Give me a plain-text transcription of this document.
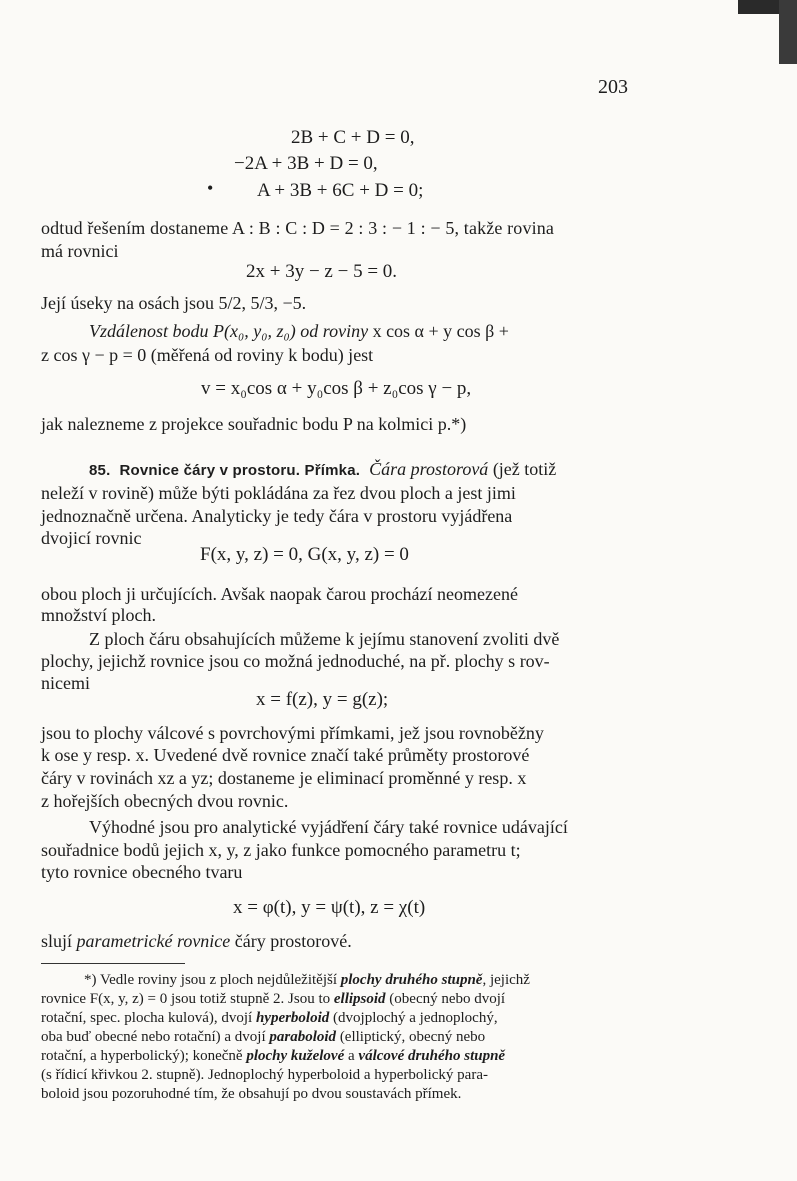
203
2B + C + D = 0,
−2A + 3B + D = 0,
• A + 3B + 6C + D = 0;
odtud řešením dostaneme A : B : C : D = 2 : 3 : − 1 : − 5, takže rovina
má rovnici
2x + 3y − z − 5 = 0.
Její úseky na osách jsou 5/2, 5/3, −5.
Vzdálenost bodu P(x₀, y₀, z₀) od roviny x cos α + y cos β +
z cos γ − p = 0 (měřená od roviny k bodu) jest
v = x₀cos α + y₀cos β + z₀cos γ − p,
jak nalezneme z projekce souřadnic bodu P na kolmici p.*)
85. Rovnice čáry v prostoru. Přímka. Čára prostorová (jež totiž
neleží v rovině) může býti pokládána za řez dvou ploch a jest jimi
jednoznačně určena. Analyticky je tedy čára v prostoru vyjádřena
dvojicí rovnic
F(x, y, z) = 0, G(x, y, z) = 0
obou ploch ji určujících. Avšak naopak čarou prochází neomezené
množství ploch.
Z ploch čáru obsahujících můžeme k jejímu stanovení zvoliti dvě
plochy, jejichž rovnice jsou co možná jednoduché, na př. plochy s rov-
nicemi
x = f(z), y = g(z);
jsou to plochy válcové s povrchovými přímkami, jež jsou rovnoběžny
k ose y resp. x. Uvedené dvě rovnice značí také průměty prostorové
čáry v rovinách xz a yz; dostaneme je eliminací proměnné y resp. x
z hořejších obecných dvou rovnic.
Výhodné jsou pro analytické vyjádření čáry také rovnice udávající
souřadnice bodů jejich x, y, z jako funkce pomocného parametru t;
tyto rovnice obecného tvaru
x = φ(t), y = ψ(t), z = χ(t)
slují parametrické rovnice čáry prostorové.
*) Vedle roviny jsou z ploch nejdůležitější plochy druhého stupně, jejichž
rovnice F(x, y, z) = 0 jsou totiž stupně 2. Jsou to ellipsoid (obecný nebo dvojí
rotační, spec. plocha kulová), dvojí hyperboloid (dvojplochý a jednoplochý,
oba buď obecné nebo rotační) a dvojí paraboloid (elliptický, obecný nebo
rotační, a hyperbolický); konečně plochy kuželové a válcové druhého stupně
(s řídicí křivkou 2. stupně). Jednoplochý hyperboloid a hyperbolický para-
boloid jsou pozoruhodné tím, že obsahují po dvou soustavách přímek.
